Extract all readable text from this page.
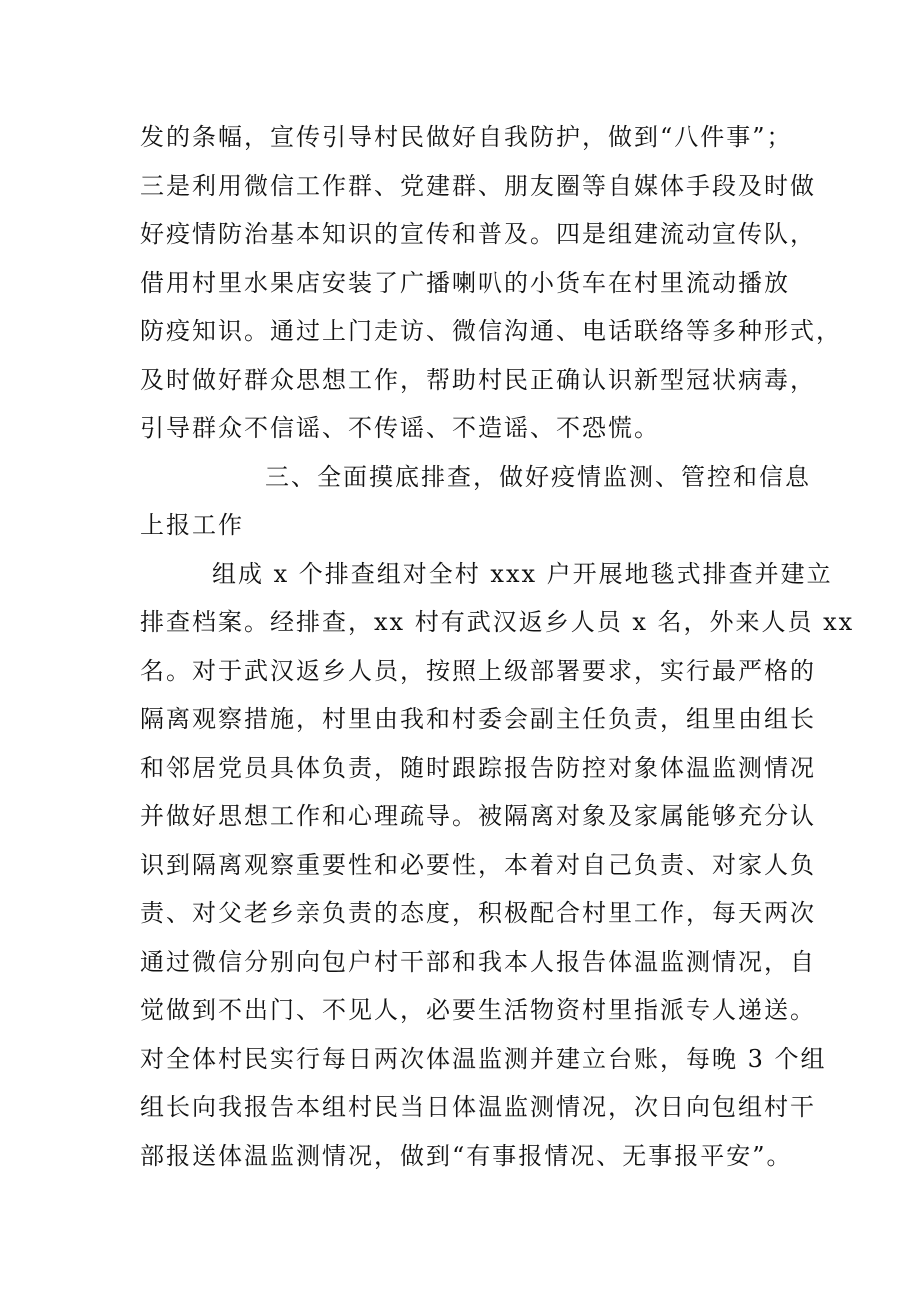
发的条幅，宣传引导村民做好自我防护，做到“八件事”；
三是利用微信工作群、党建群、朋友圈等自媒体手段及时做
好疫情防治基本知识的宣传和普及。四是组建流动宣传队，
借用村里水果店安装了广播喇叭的小货车在村里流动播放
防疫知识。通过上门走访、微信沟通、电话联络等多种形式，
及时做好群众思想工作，帮助村民正确认识新型冠状病毒，
引导群众不信谣、不传谣、不造谣、不恐慌。
三、全面摸底排查，做好疫情监测、管控和信息
上报工作
组成 x 个排查组对全村 xxx 户开展地毯式排查并建立
排查档案。经排查，xx 村有武汉返乡人员 x 名，外来人员 xx
名。对于武汉返乡人员，按照上级部署要求，实行最严格的
隔离观察措施，村里由我和村委会副主任负责，组里由组长
和邻居党员具体负责，随时跟踪报告防控对象体温监测情况
并做好思想工作和心理疏导。被隔离对象及家属能够充分认
识到隔离观察重要性和必要性，本着对自己负责、对家人负
责、对父老乡亲负责的态度，积极配合村里工作，每天两次
通过微信分别向包户村干部和我本人报告体温监测情况，自
觉做到不出门、不见人，必要生活物资村里指派专人递送。
对全体村民实行每日两次体温监测并建立台账，每晚 3 个组
组长向我报告本组村民当日体温监测情况，次日向包组村干
部报送体温监测情况，做到“有事报情况、无事报平安”。
